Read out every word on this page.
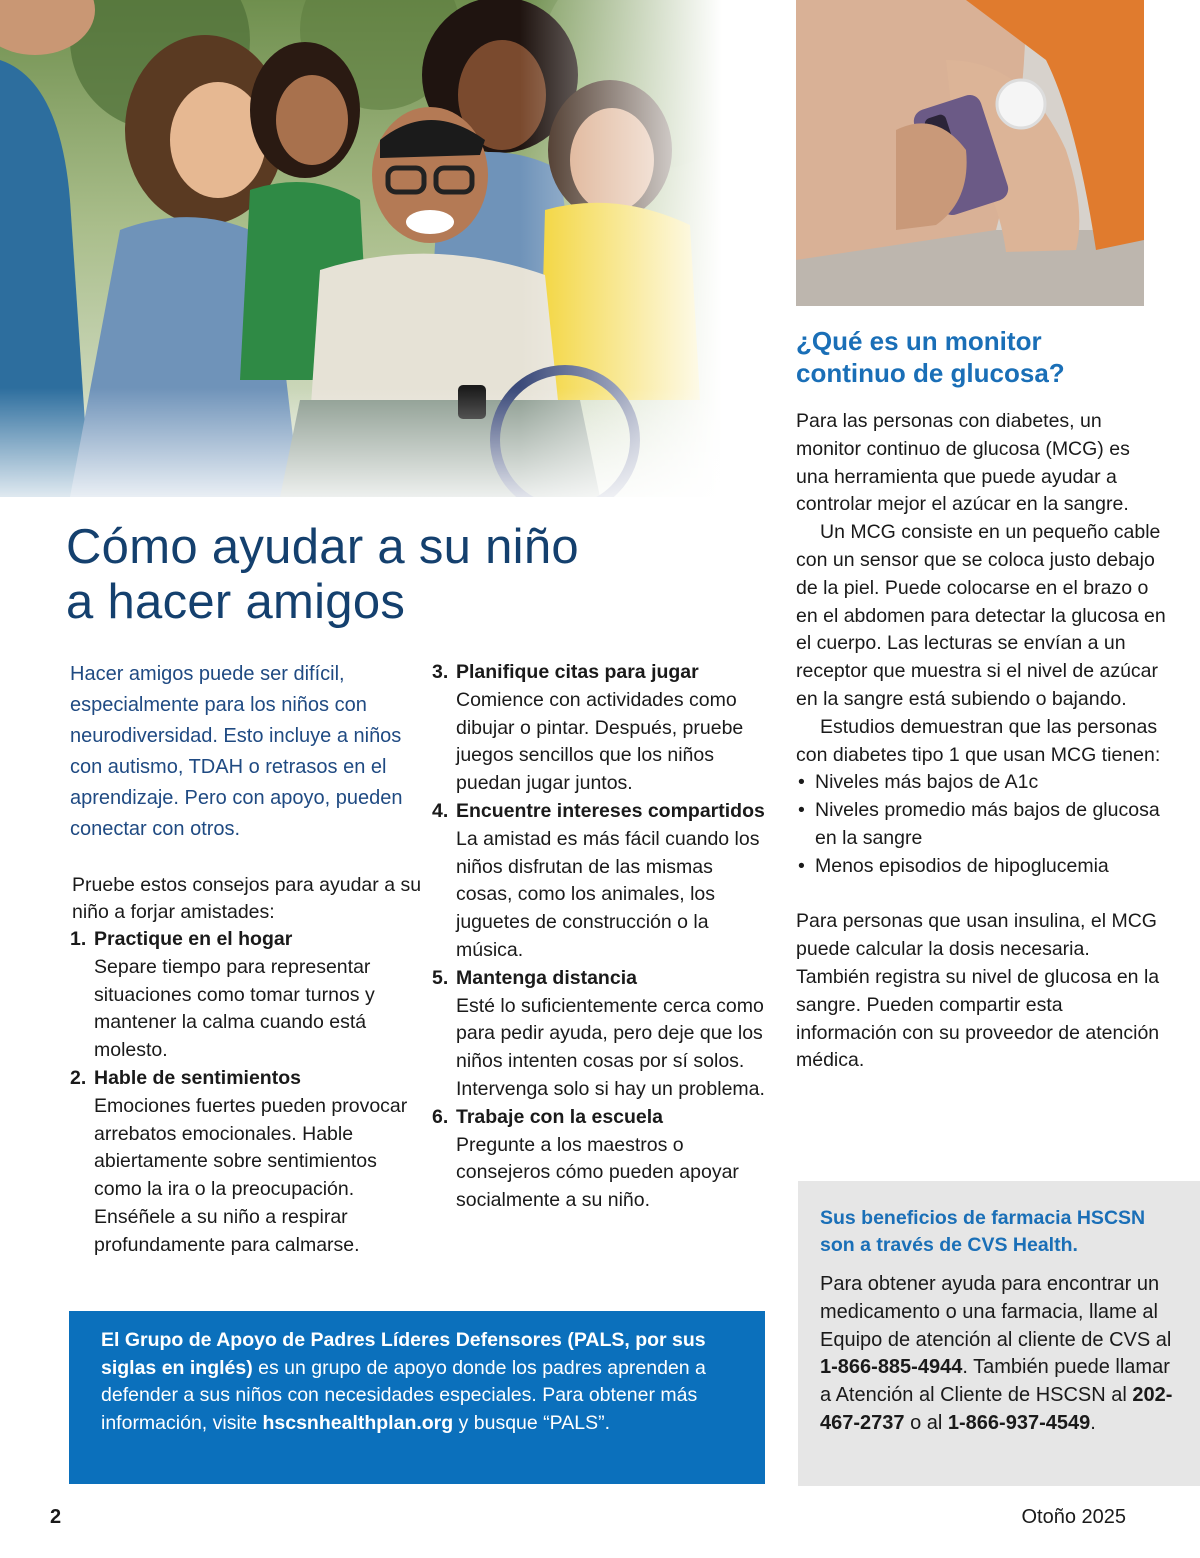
Cómo ayudar a su niño
a hacer amigos

Hacer amigos puede ser difícil, especialmente para los niños con neurodiversidad. Esto incluye a niños con autismo, TDAH o retrasos en el aprendizaje. Pero con apoyo, pueden conectar con otros.

Pruebe estos consejos para ayudar a su niño a forjar amistades:

1. Practique en el hogar
Separe tiempo para representar situaciones como tomar turnos y mantener la calma cuando está molesto.
2. Hable de sentimientos
Emociones fuertes pueden provocar arrebatos emocionales. Hable abiertamente sobre sentimientos como la ira o la preocupación. Enséñele a su niño a respirar profundamente para calmarse.
3. Planifique citas para jugar
Comience con actividades como dibujar o pintar. Después, pruebe juegos sencillos que los niños puedan jugar juntos.
4. Encuentre intereses compartidos
La amistad es más fácil cuando los niños disfrutan de las mismas cosas, como los animales, los juguetes de construcción o la música.
5. Mantenga distancia
Esté lo suficientemente cerca como para pedir ayuda, pero deje que los niños intenten cosas por sí solos. Intervenga solo si hay un problema.
6. Trabaje con la escuela
Pregunte a los maestros o consejeros cómo pueden apoyar socialmente a su niño.

El Grupo de Apoyo de Padres Líderes Defensores (PALS, por sus siglas en inglés) es un grupo de apoyo donde los padres aprenden a defender a sus niños con necesidades especiales. Para obtener más información, visite hscsnhealthplan.org y busque “PALS”.

¿Qué es un monitor continuo de glucosa?

Para las personas con diabetes, un monitor continuo de glucosa (MCG) es una herramienta que puede ayudar a controlar mejor el azúcar en la sangre.

Un MCG consiste en un pequeño cable con un sensor que se coloca justo debajo de la piel. Puede colocarse en el brazo o en el abdomen para detectar la glucosa en el cuerpo. Las lecturas se envían a un receptor que muestra si el nivel de azúcar en la sangre está subiendo o bajando.

Estudios demuestran que las personas con diabetes tipo 1 que usan MCG tienen:

• Niveles más bajos de A1c
• Niveles promedio más bajos de glucosa en la sangre
• Menos episodios de hipoglucemia

Para personas que usan insulina, el MCG puede calcular la dosis necesaria. También registra su nivel de glucosa en la sangre. Pueden compartir esta información con su proveedor de atención médica.

Sus beneficios de farmacia HSCSN son a través de CVS Health.

Para obtener ayuda para encontrar un medicamento o una farmacia, llame al Equipo de atención al cliente de CVS al 1-866-885-4944. También puede llamar a Atención al Cliente de HSCSN al 202-467-2737 o al 1-866-937-4549.

2	Otoño 2025
